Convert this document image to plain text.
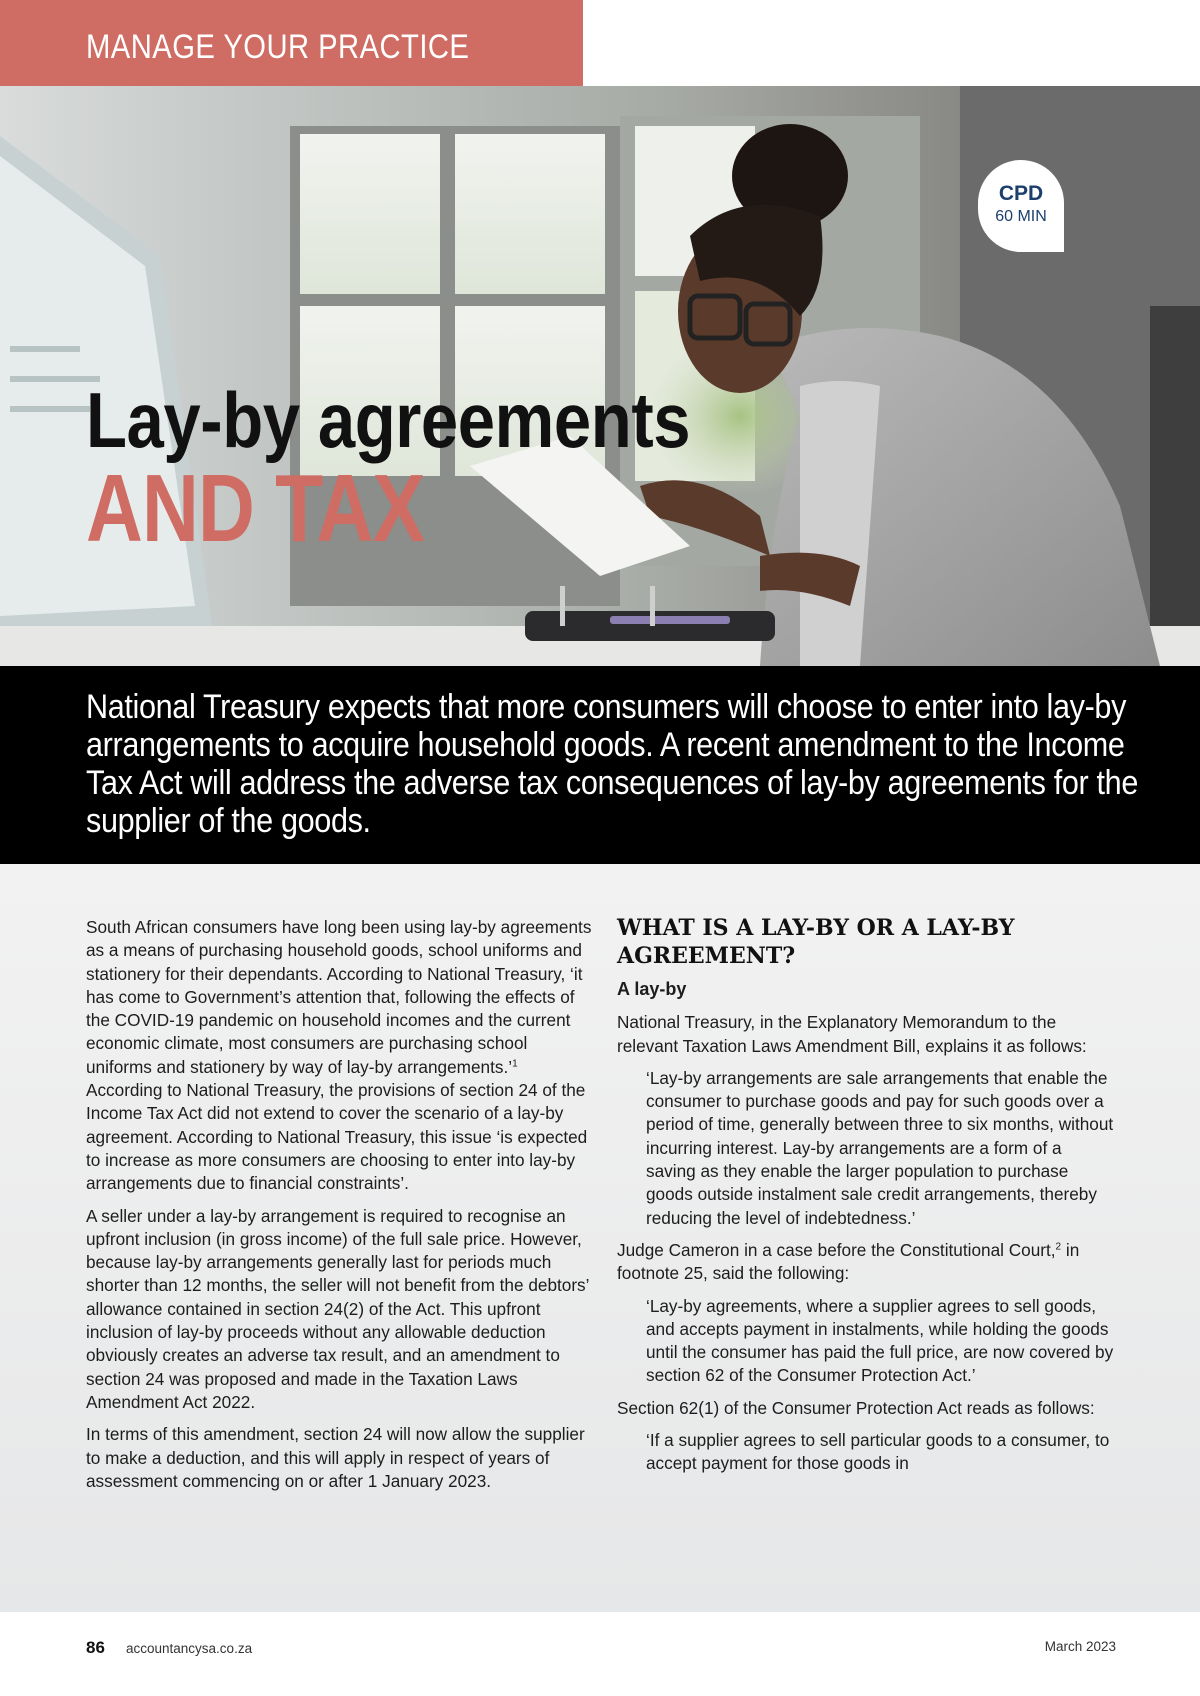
MANAGE YOUR PRACTICE
CPD
60 MIN
Lay-by agreements
AND TAX

National Treasury expects that more consumers will choose to enter into lay-by arrangements to acquire household goods. A recent amendment to the Income Tax Act will address the adverse tax consequences of lay-by agreements for the supplier of the goods.

South African consumers have long been using lay-by agreements as a means of purchasing household goods, school uniforms and stationery for their dependants. According to National Treasury, ‘it has come to Government’s attention that, following the effects of the COVID-19 pandemic on household incomes and the current economic climate, most consumers are purchasing school uniforms and stationery by way of lay-by arrangements.’$^1$ According to National Treasury, the provisions of section 24 of the Income Tax Act did not extend to cover the scenario of a lay-by agreement. According to National Treasury, this issue ‘is expected to increase as more consumers are choosing to enter into lay-by arrangements due to financial constraints’.

A seller under a lay-by arrangement is required to recognise an upfront inclusion (in gross income) of the full sale price. However, because lay-by arrangements generally last for periods much shorter than 12 months, the seller will not benefit from the debtors’ allowance contained in section 24(2) of the Act. This upfront inclusion of lay-by proceeds without any allowable deduction obviously creates an adverse tax result, and an amendment to section 24 was proposed and made in the Taxation Laws Amendment Act 2022.

In terms of this amendment, section 24 will now allow the supplier to make a deduction, and this will apply in respect of years of assessment commencing on or after 1 January 2023.

WHAT IS A LAY-BY OR A LAY-BY AGREEMENT?
A lay-by

National Treasury, in the Explanatory Memorandum to the relevant Taxation Laws Amendment Bill, explains it as follows:

‘Lay-by arrangements are sale arrangements that enable the consumer to purchase goods and pay for such goods over a period of time, generally between three to six months, without incurring interest. Lay-by arrangements are a form of a saving as they enable the larger population to purchase goods outside instalment sale credit arrangements, thereby reducing the level of indebtedness.’

Judge Cameron in a case before the Constitutional Court,$^2$ in footnote 25, said the following:

‘Lay-by agreements, where a supplier agrees to sell goods, and accepts payment in instalments, while holding the goods until the consumer has paid the full price, are now covered by section 62 of the Consumer Protection Act.’

Section 62(1) of the Consumer Protection Act reads as follows:

‘If a supplier agrees to sell particular goods to a consumer, to accept payment for those goods in

86 accountancysa.co.za	March 2023
